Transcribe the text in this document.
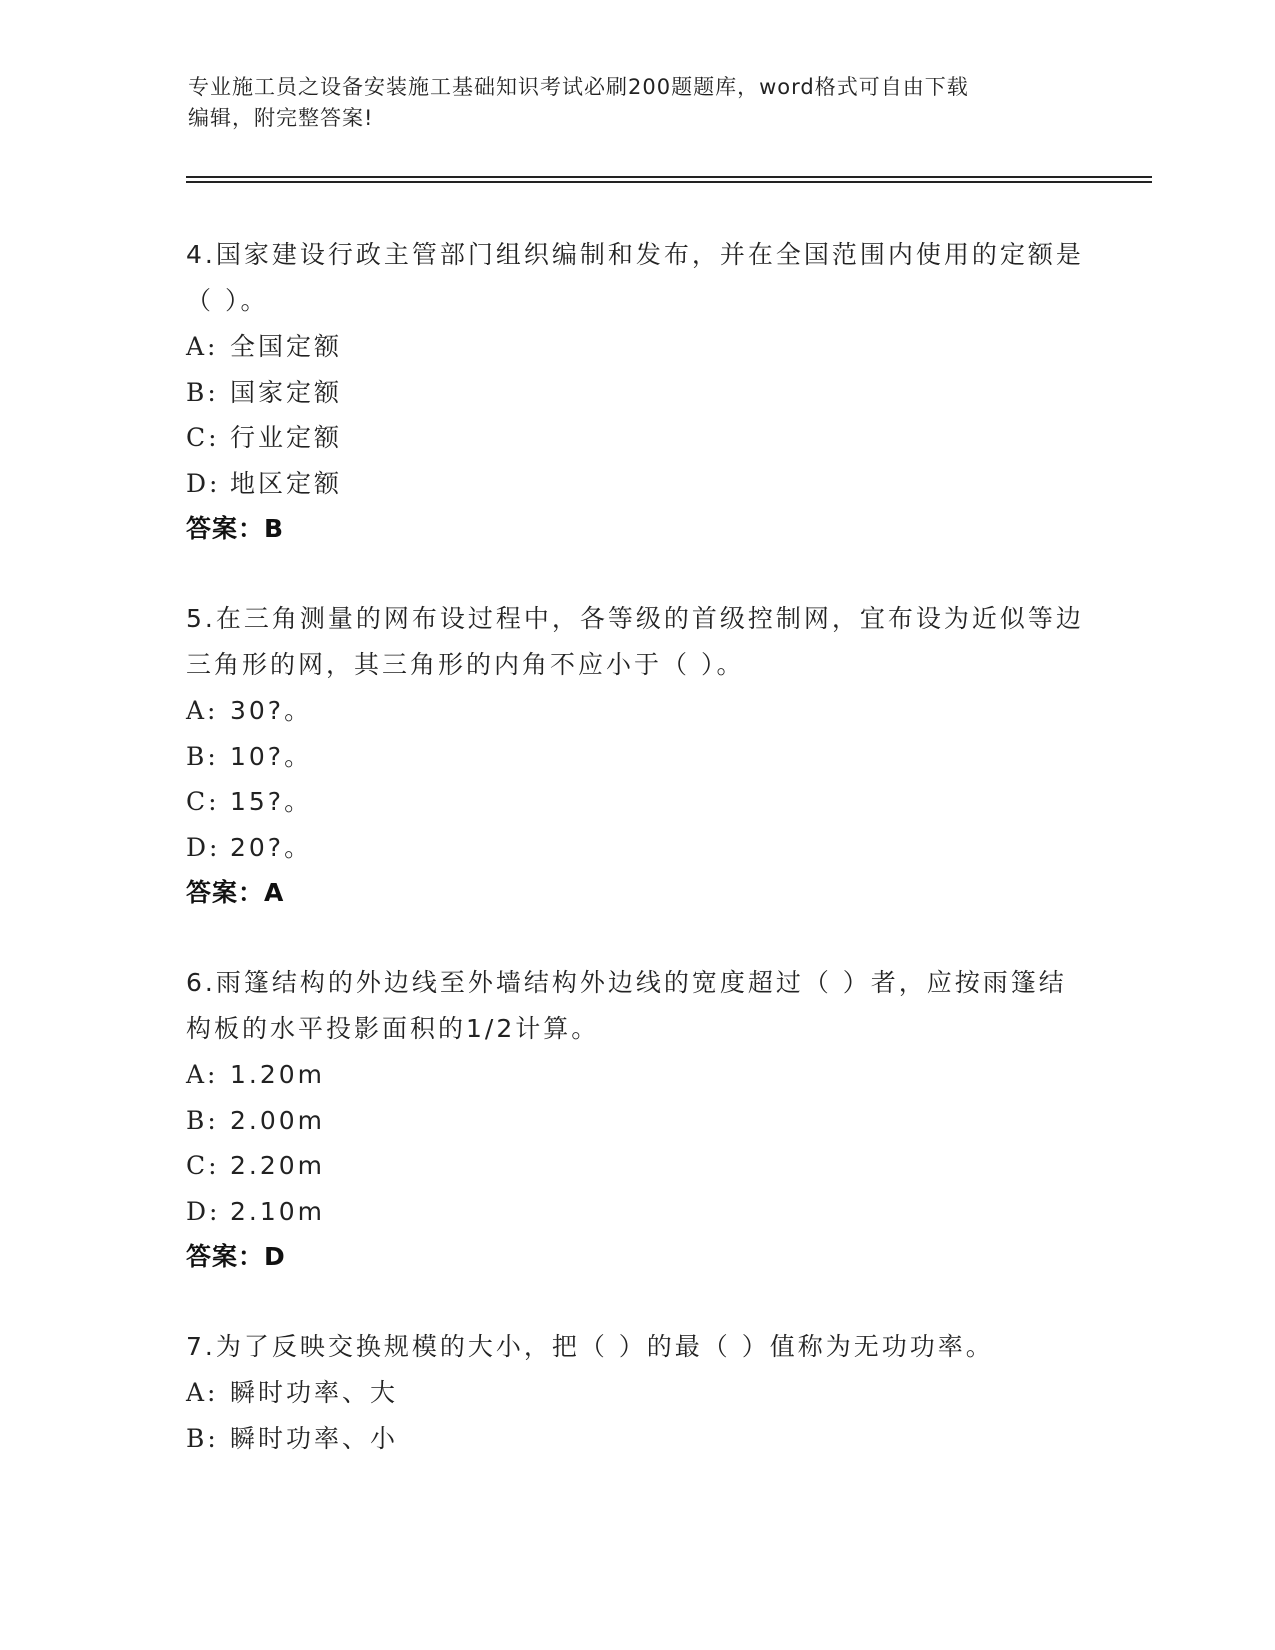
专业施工员之设备安装施工基础知识考试必刷200题题库，word格式可自由下载
编辑，附完整答案!

4.国家建设行政主管部门组织编制和发布，并在全国范围内使用的定额是（ ）。

A: 全国定额
B: 国家定额
C: 行业定额
D: 地区定额
答案：B

5.在三角测量的网布设过程中，各等级的首级控制网，宜布设为近似等边三角形的网，其三角形的内角不应小于（ ）。

A: 30?。
B: 10?。
C: 15?。
D: 20?。
答案：A

6.雨篷结构的外边线至外墙结构外边线的宽度超过（ ）者，应按雨篷结构板的水平投影面积的1/2计算。

A: 1.20m
B: 2.00m
C: 2.20m
D: 2.10m
答案：D

7.为了反映交换规模的大小，把（ ）的最（ ）值称为无功功率。

A: 瞬时功率、大
B: 瞬时功率、小
